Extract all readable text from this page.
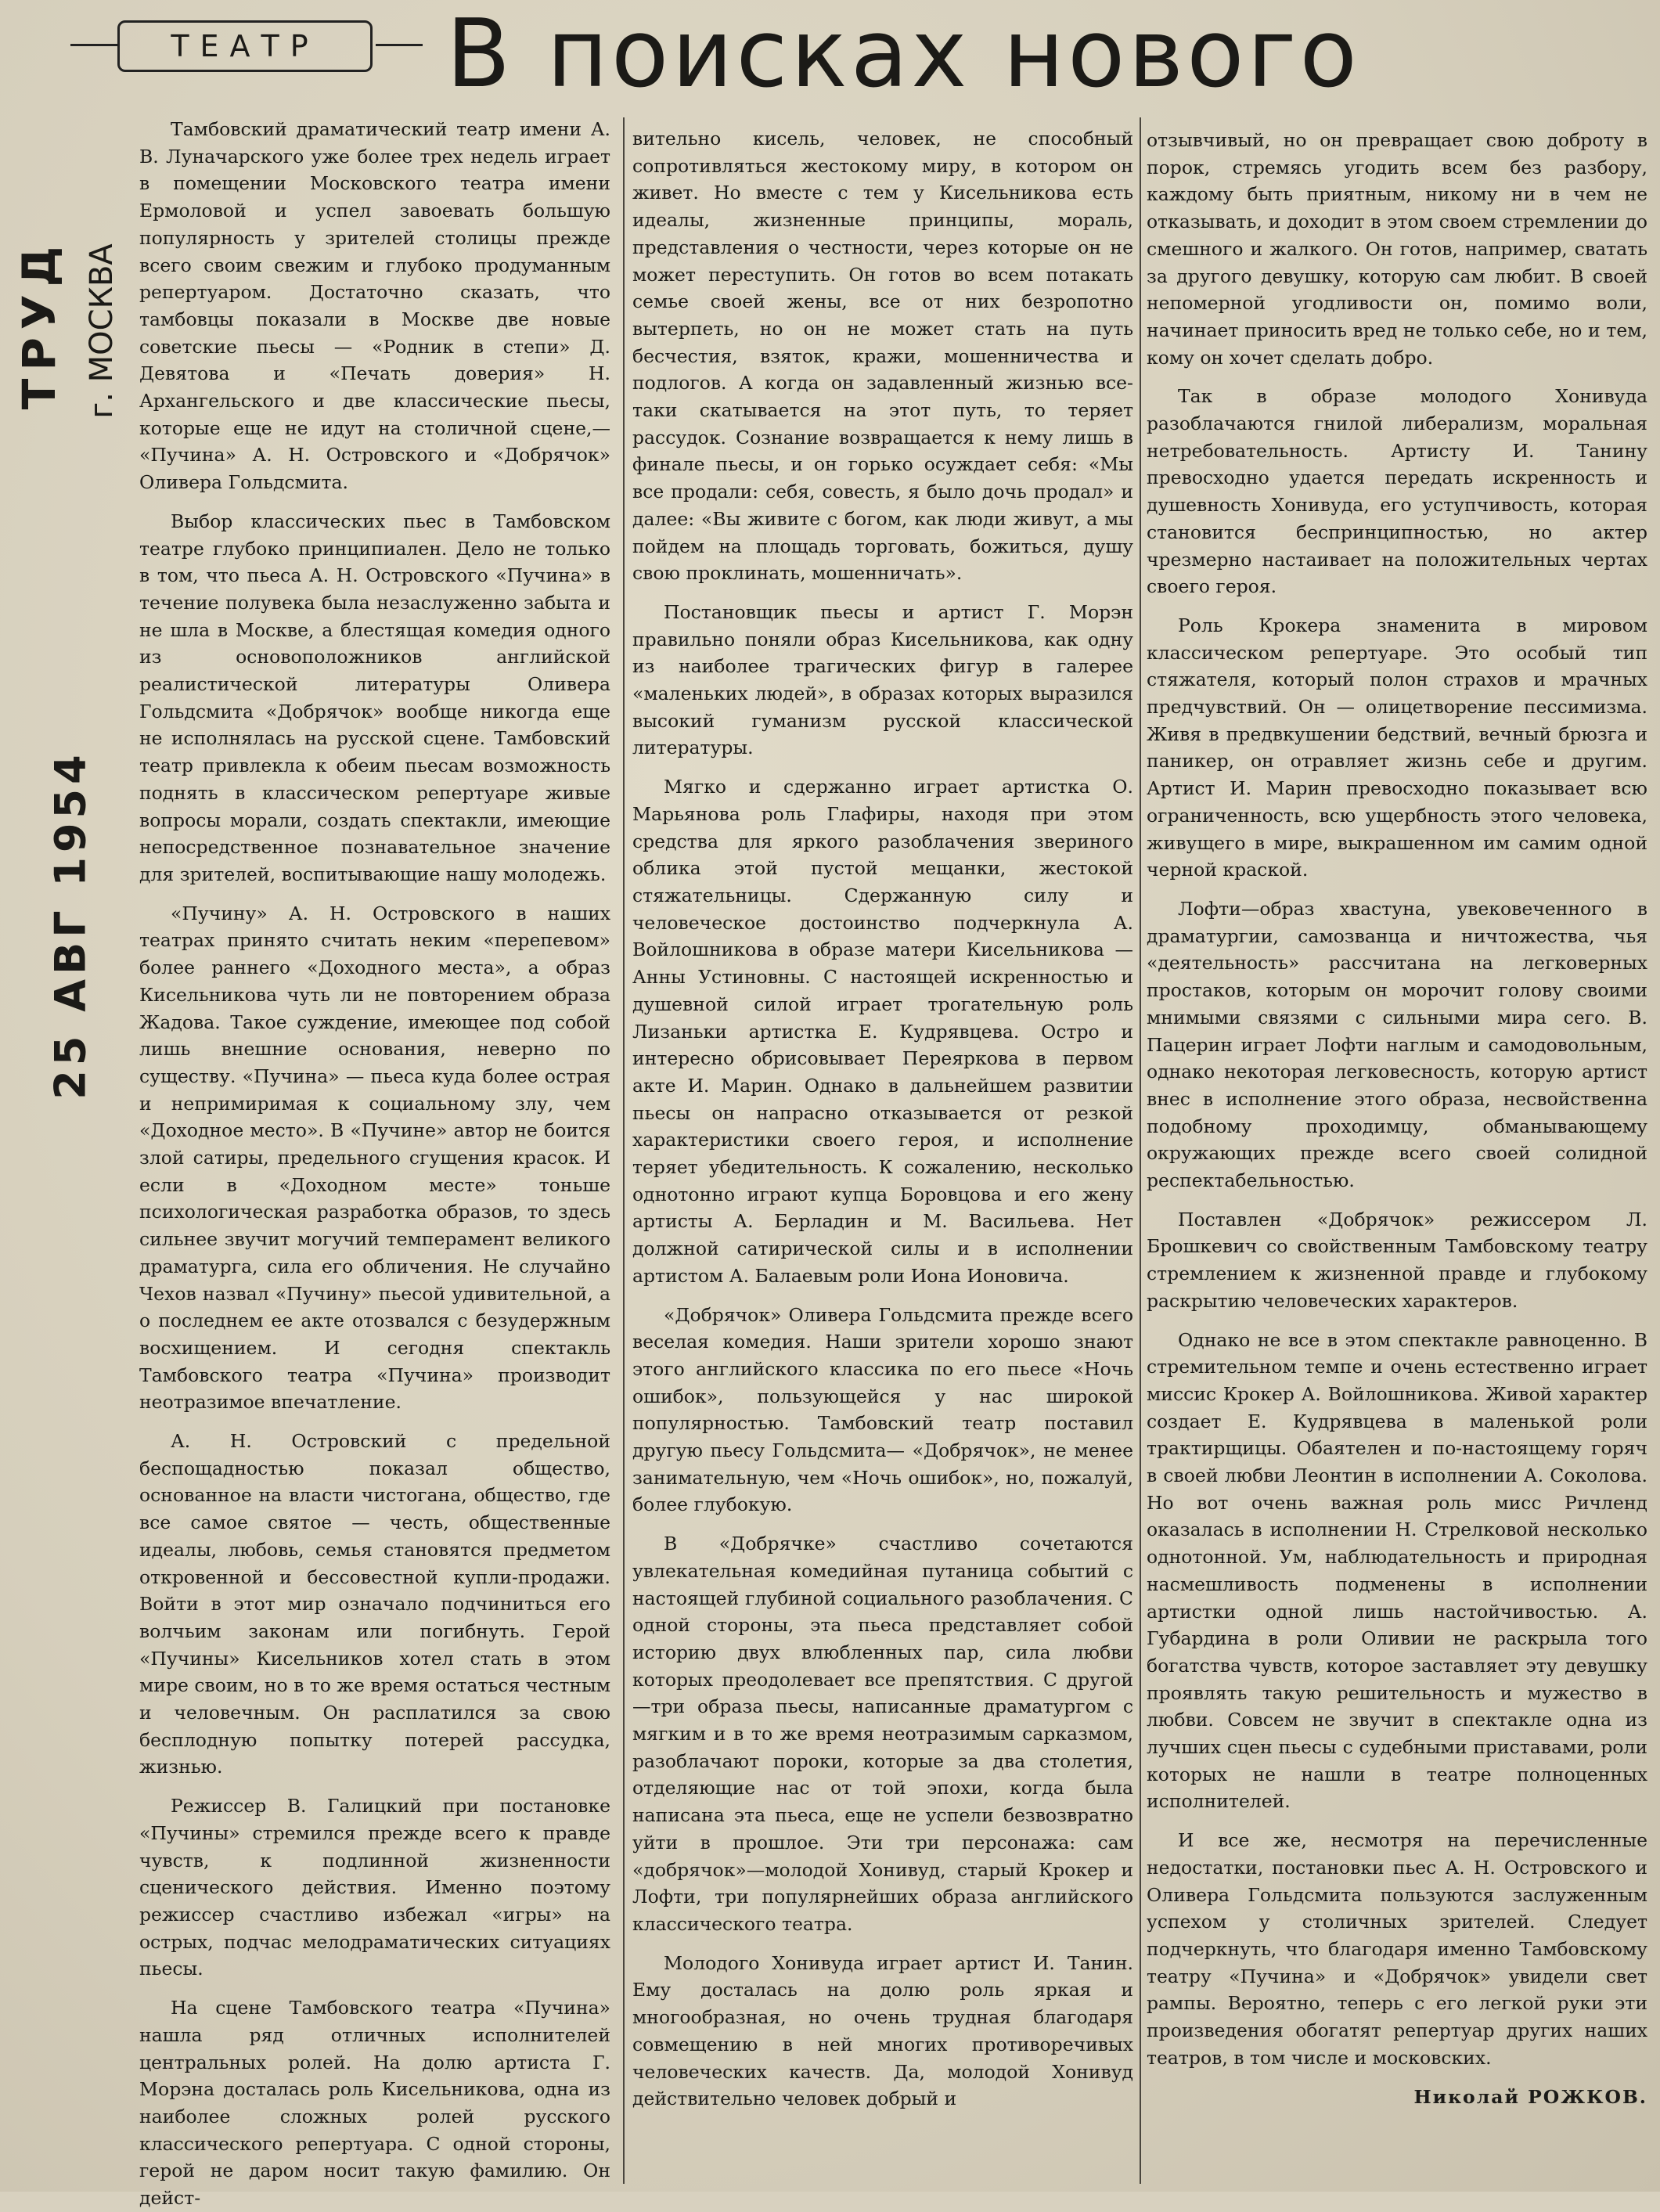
ТЕАТР В поисках нового
ТРУД г. МОСКВА
25 АВГ 1954

Тамбовский драматический театр имени А. В. Луначарского уже более трех недель играет в помещении Московского театра имени Ермоловой и успел завоевать большую популярность у зрителей столицы прежде всего своим свежим и глубоко продуманным репертуаром. Достаточно сказать, что тамбовцы показали в Москве две новые советские пьесы — «Родник в степи» Д. Девятова и «Печать доверия» Н. Архангельского и две классические пьесы, которые еще не идут на столичной сцене,— «Пучина» А. Н. Островского и «Добрячок» Оливера Гольдсмита.

Выбор классических пьес в Тамбовском театре глубоко принципиален. Дело не только в том, что пьеса А. Н. Островского «Пучина» в течение полувека была незаслуженно забыта и не шла в Москве, а блестящая комедия одного из основоположников английской реалистической литературы Оливера Гольдсмита «Добрячок» вообще никогда еще не исполнялась на русской сцене. Тамбовский театр привлекла к обеим пьесам возможность поднять в классическом репертуаре живые вопросы морали, создать спектакли, имеющие непосредственное познавательное значение для зрителей, воспитывающие нашу молодежь.

«Пучину» А. Н. Островского в наших театрах принято считать неким «перепевом» более раннего «Доходного места», а образ Кисельникова чуть ли не повторением образа Жадова. Такое суждение, имеющее под собой лишь внешние основания, неверно по существу. «Пучина» — пьеса куда более острая и непримиримая к социальному злу, чем «Доходное место». В «Пучине» автор не боится злой сатиры, предельного сгущения красок. И если в «Доходном месте» тоньше психологическая разработка образов, то здесь сильнее звучит могучий темперамент великого драматурга, сила его обличения. Не случайно Чехов назвал «Пучину» пьесой удивительной, а о последнем ее акте отозвался с безудержным восхищением. И сегодня спектакль Тамбовского театра «Пучина» производит неотразимое впечатление.

А. Н. Островский с предельной беспощадностью показал общество, основанное на власти чистогана, общество, где все самое святое — честь, общественные идеалы, любовь, семья становятся предметом откровенной и бессовестной купли-продажи. Войти в этот мир означало подчиниться его волчьим законам или погибнуть. Герой «Пучины» Кисельников хотел стать в этом мире своим, но в то же время остаться честным и человечным. Он расплатился за свою бесплодную попытку потерей рассудка, жизнью.

Режиссер В. Галицкий при постановке «Пучины» стремился прежде всего к правде чувств, к подлинной жизненности сценического действия. Именно поэтому режиссер счастливо избежал «игры» на острых, подчас мелодраматических ситуациях пьесы.

На сцене Тамбовского театра «Пучина» нашла ряд отличных исполнителей центральных ролей. На долю артиста Г. Морэна досталась роль Кисельникова, одна из наиболее сложных ролей русского классического репертуара. С одной стороны, герой не даром носит такую фамилию. Он дейст-

вительно кисель, человек, не способный сопротивляться жестокому миру, в котором он живет. Но вместе с тем у Кисельникова есть идеалы, жизненные принципы, мораль, представления о честности, через которые он не может переступить. Он готов во всем потакать семье своей жены, все от них безропотно вытерпеть, но он не может стать на путь бесчестия, взяток, кражи, мошенничества и подлогов. А когда он задавленный жизнью все-таки скатывается на этот путь, то теряет рассудок. Сознание возвращается к нему лишь в финале пьесы, и он горько осуждает себя: «Мы все продали: себя, совесть, я было дочь продал» и далее: «Вы живите с богом, как люди живут, а мы пойдем на площадь торговать, божиться, душу свою проклинать, мошенничать».

Постановщик пьесы и артист Г. Морэн правильно поняли образ Кисельникова, как одну из наиболее трагических фигур в галерее «маленьких людей», в образах которых выразился высокий гуманизм русской классической литературы.

Мягко и сдержанно играет артистка О. Марьянова роль Глафиры, находя при этом средства для яркого разоблачения звериного облика этой пустой мещанки, жестокой стяжательницы. Сдержанную силу и человеческое достоинство подчеркнула А. Войлошникова в образе матери Кисельникова — Анны Устиновны. С настоящей искренностью и душевной силой играет трогательную роль Лизаньки артистка Е. Кудрявцева. Остро и интересно обрисовывает Переяркова в первом акте И. Марин. Однако в дальнейшем развитии пьесы он напрасно отказывается от резкой характеристики своего героя, и исполнение теряет убедительность. К сожалению, несколько однотонно играют купца Боровцова и его жену артисты А. Берладин и М. Васильева. Нет должной сатирической силы и в исполнении артистом А. Балаевым роли Иона Ионовича.

«Добрячок» Оливера Гольдсмита прежде всего веселая комедия. Наши зрители хорошо знают этого английского классика по его пьесе «Ночь ошибок», пользующейся у нас широкой популярностью. Тамбовский театр поставил другую пьесу Гольдсмита— «Добрячок», не менее занимательную, чем «Ночь ошибок», но, пожалуй, более глубокую.

В «Добрячке» счастливо сочетаются увлекательная комедийная путаница событий с настоящей глубиной социального разоблачения. С одной стороны, эта пьеса представляет собой историю двух влюбленных пар, сила любви которых преодолевает все препятствия. С другой—три образа пьесы, написанные драматургом с мягким и в то же время неотразимым сарказмом, разоблачают пороки, которые за два столетия, отделяющие нас от той эпохи, когда была написана эта пьеса, еще не успели безвозвратно уйти в прошлое. Эти три персонажа: сам «добрячок»—молодой Хонивуд, старый Крокер и Лофти, три популярнейших образа английского классического театра.

Молодого Хонивуда играет артист И. Танин. Ему досталась на долю роль яркая и многообразная, но очень трудная благодаря совмещению в ней многих противоречивых человеческих качеств. Да, молодой Хонивуд действительно человек добрый и

отзывчивый, но он превращает свою доброту в порок, стремясь угодить всем без разбору, каждому быть приятным, никому ни в чем не отказывать, и доходит в этом своем стремлении до смешного и жалкого. Он готов, например, сватать за другого девушку, которую сам любит. В своей непомерной угодливости он, помимо воли, начинает приносить вред не только себе, но и тем, кому он хочет сделать добро.

Так в образе молодого Хонивуда разоблачаются гнилой либерализм, моральная нетребовательность. Артисту И. Танину превосходно удается передать искренность и душевность Хонивуда, его уступчивость, которая становится беспринципностью, но актер чрезмерно настаивает на положительных чертах своего героя.

Роль Крокера знаменита в мировом классическом репертуаре. Это особый тип стяжателя, который полон страхов и мрачных предчувствий. Он — олицетворение пессимизма. Живя в предвкушении бедствий, вечный брюзга и паникер, он отравляет жизнь себе и другим. Артист И. Марин превосходно показывает всю ограниченность, всю ущербность этого человека, живущего в мире, выкрашенном им самим одной черной краской.

Лофти—образ хвастуна, увековеченного в драматургии, самозванца и ничтожества, чья «деятельность» рассчитана на легковерных простаков, которым он морочит голову своими мнимыми связями с сильными мира сего. В. Пацерин играет Лофти наглым и самодовольным, однако некоторая легковесность, которую артист внес в исполнение этого образа, несвойственна подобному проходимцу, обманывающему окружающих прежде всего своей солидной респектабельностью.

Поставлен «Добрячок» режиссером Л. Брошкевич со свойственным Тамбовскому театру стремлением к жизненной правде и глубокому раскрытию человеческих характеров.

Однако не все в этом спектакле равноценно. В стремительном темпе и очень естественно играет миссис Крокер А. Войлошникова. Живой характер создает Е. Кудрявцева в маленькой роли трактирщицы. Обаятелен и по-настоящему горяч в своей любви Леонтин в исполнении А. Соколова. Но вот очень важная роль мисс Ричленд оказалась в исполнении Н. Стрелковой несколько однотонной. Ум, наблюдательность и природная насмешливость подменены в исполнении артистки одной лишь настойчивостью. А. Губардина в роли Оливии не раскрыла того богатства чувств, которое заставляет эту девушку проявлять такую решительность и мужество в любви. Совсем не звучит в спектакле одна из лучших сцен пьесы с судебными приставами, роли которых не нашли в театре полноценных исполнителей.

И все же, несмотря на перечисленные недостатки, постановки пьес А. Н. Островского и Оливера Гольдсмита пользуются заслуженным успехом у столичных зрителей. Следует подчеркнуть, что благодаря именно Тамбовскому театру «Пучина» и «Добрячок» увидели свет рампы. Вероятно, теперь с его легкой руки эти произведения обогатят репертуар других наших театров, в том числе и московских.

Николай РОЖКОВ.
